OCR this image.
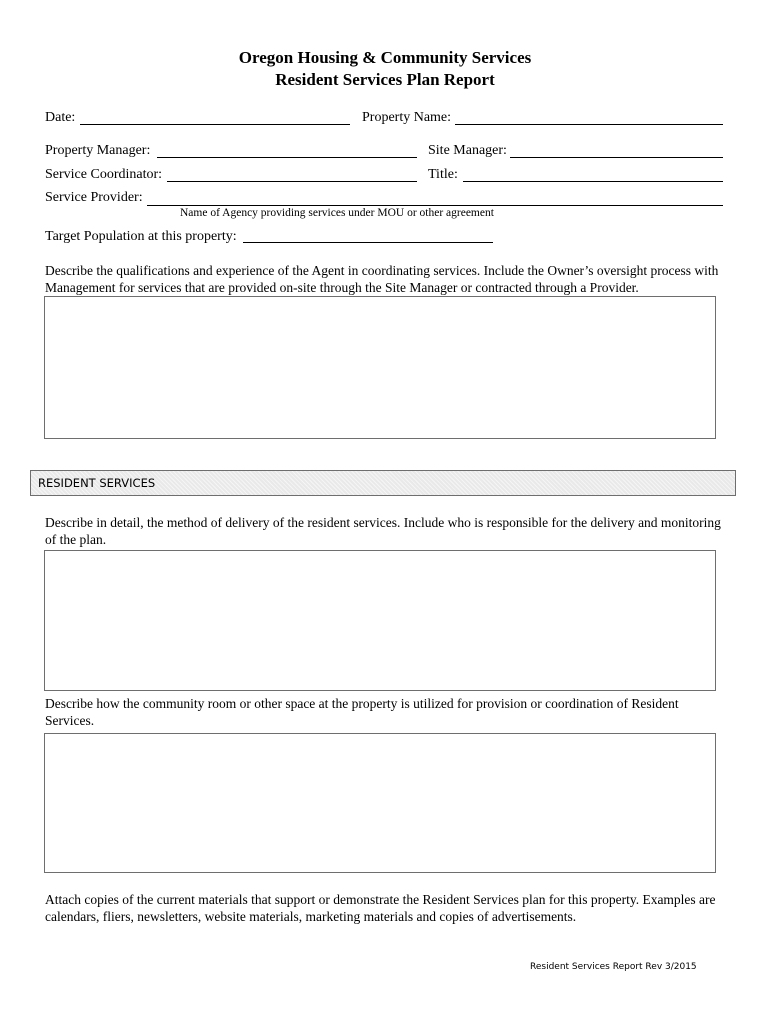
Oregon Housing & Community Services
Resident Services Plan Report
Date:	Property Name:
Property Manager:	Site Manager:
Service Coordinator:	Title:
Service Provider:
Name of Agency providing services under MOU or other agreement
Target Population at this property:
Describe the qualifications and experience of the Agent in coordinating services. Include the Owner’s oversight process with Management for services that are provided on-site through the Site Manager or contracted through a Provider.
RESIDENT SERVICES
Describe in detail, the method of delivery of the resident services. Include who is responsible for the delivery and monitoring of the plan.
Describe how the community room or other space at the property is utilized for provision or coordination of Resident Services.
Attach copies of the current materials that support or demonstrate the Resident Services plan for this property. Examples are calendars, fliers, newsletters, website materials, marketing materials and copies of advertisements.
Resident Services Report Rev 3/2015
